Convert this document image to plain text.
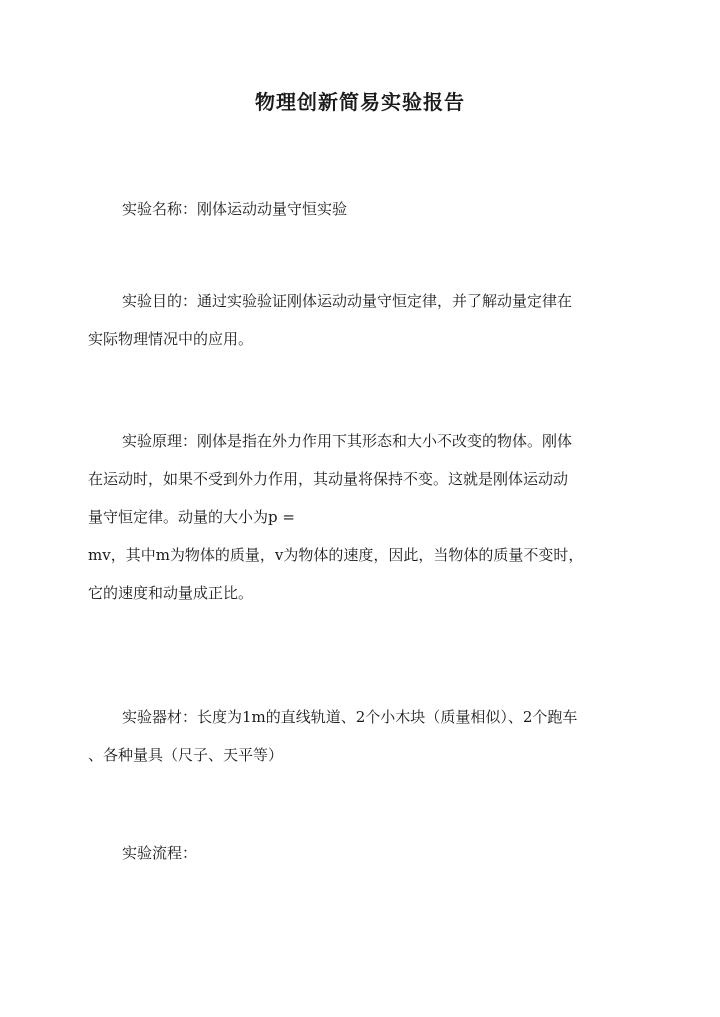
物理创新简易实验报告
实验名称：刚体运动动量守恒实验
实验目的：通过实验验证刚体运动动量守恒定律，并了解动量定律在
实际物理情况中的应用。
实验原理：刚体是指在外力作用下其形态和大小不改变的物体。刚体
在运动时，如果不受到外力作用，其动量将保持不变。这就是刚体运动动
量守恒定律。动量的大小为p =
mv，其中m为物体的质量，v为物体的速度，因此，当物体的质量不变时，
它的速度和动量成正比。
实验器材：长度为1m的直线轨道、2个小木块（质量相似）、2个跑车
、各种量具（尺子、天平等）
实验流程：
